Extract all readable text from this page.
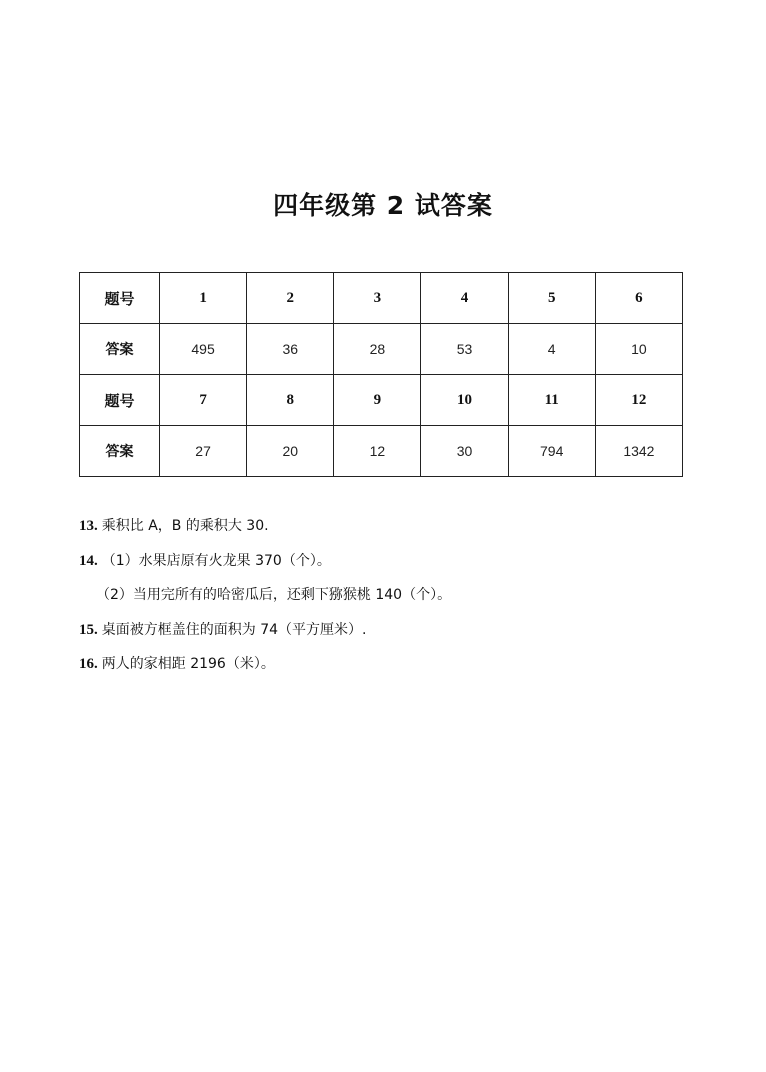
四年级第 2 试答案
题号	1	2	3	4	5	6
答案	495	36	28	53	4	10
题号	7	8	9	10	11	12
答案	27	20	12	30	794	1342
13. 乘积比 A，B 的乘积大 30.
14. （1）水果店原有火龙果 370（个）。
（2）当用完所有的哈密瓜后，还剩下猕猴桃 140（个）。
15. 桌面被方框盖住的面积为 74（平方厘米）.
16. 两人的家相距 2196（米）。
